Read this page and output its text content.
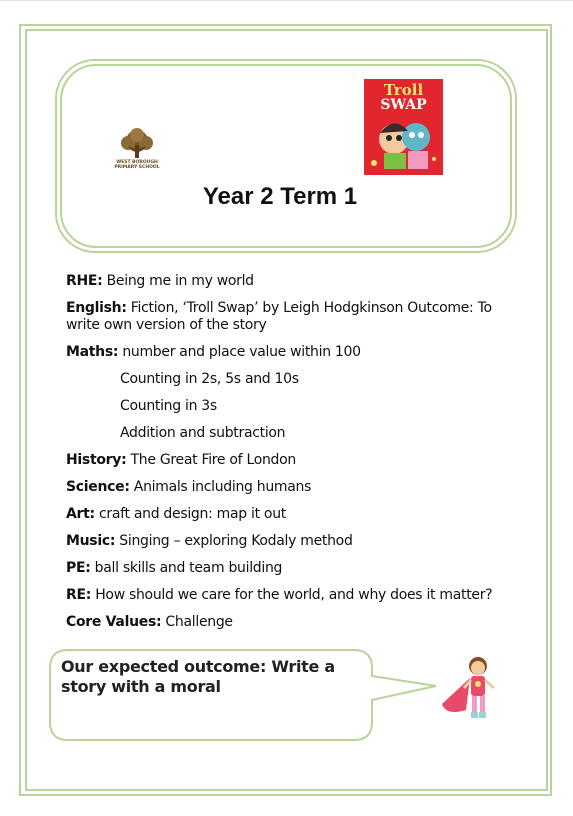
WEST BOROUGH PRIMARY SCHOOL
Troll
SWAP
Year 2 Term 1
RHE: Being me in my world
English: Fiction, ‘Troll Swap’ by Leigh Hodgkinson Outcome: To write own version of the story
Maths: number and place value within 100
Counting in 2s, 5s and 10s
Counting in 3s
Addition and subtraction
History: The Great Fire of London
Science: Animals including humans
Art: craft and design: map it out
Music: Singing – exploring Kodaly method
PE: ball skills and team building
RE: How should we care for the world, and why does it matter?
Core Values: Challenge
Our expected outcome: Write a story with a moral
